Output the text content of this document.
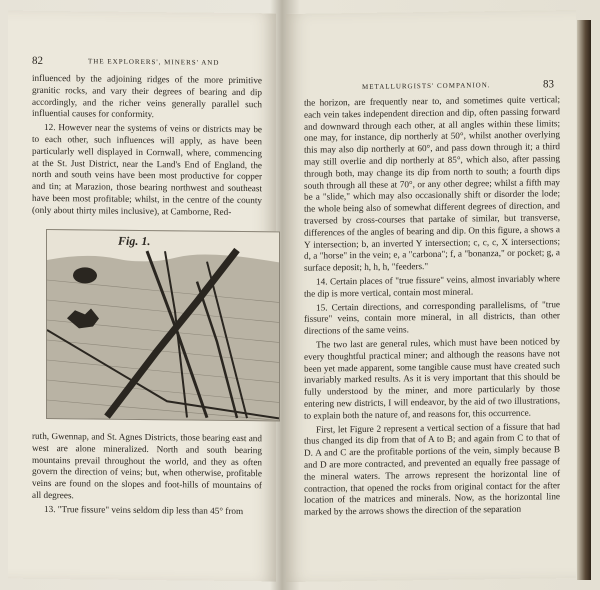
82	THE EXPLORERS', MINERS' AND

influenced by the adjoining ridges of the more primitive granitic rocks, and vary their degrees of bearing and dip accordingly, and the richer veins generally parallel such influential causes for conformity.

12. However near the systems of veins or districts may be to each other, such influences will apply, as have been particularly well displayed in Cornwall, where, commencing at the St. Just District, near the Land's End of England, the north and south veins have been most productive for copper and tin; at Marazion, those bearing northwest and southeast have been most profitable; whilst, in the centre of the county (only about thirty miles inclusive), at Camborne, Red-

Fig. 1.

ruth, Gwennap, and St. Agnes Districts, those bearing east and west are alone mineralized. North and south bearing mountains prevail throughout the world, and they as often govern the direction of veins; but, when otherwise, profitable veins are found on the slopes and foot-hills of mountains of all degrees.

13. "True fissure" veins seldom dip less than 45° from

METALLURGISTS' COMPANION.	83

the horizon, are frequently near to, and sometimes quite vertical; each vein takes independent direction and dip, often passing forward and downward through each other, at all angles within these limits; one may, for instance, dip northerly at 50°, whilst another overlying this may also dip northerly at 60°, and pass down through it; a third may still overlie and dip northerly at 85°, which also, after passing through both, may change its dip from north to south; a fourth dips south through all these at 70°, or any other degree; whilst a fifth may be a "slide," which may also occasionally shift or disorder the lode; the whole being also of somewhat different degrees of direction, and traversed by cross-courses that partake of similar, but transverse, differences of the angles of bearing and dip. On this figure, a shows a Y intersection; b, an inverted Y intersection; c, c, c, X intersections; d, a "horse" in the vein; e, a "carbona"; f, a "bonanza," or pocket; g, a surface deposit; h, h, h, "feeders."

14. Certain places of "true fissure" veins, almost invariably where the dip is more vertical, contain most mineral.

15. Certain directions, and corresponding parallelisms, of "true fissure" veins, contain more mineral, in all districts, than other directions of the same veins.

The two last are general rules, which must have been noticed by every thoughtful practical miner; and although the reasons have not been yet made apparent, some tangible cause must have created such invariably marked results. As it is very important that this should be fully understood by the miner, and more particularly by those entering new districts, I will endeavor, by the aid of two illustrations, to explain both the nature of, and reasons for, this occurrence.

First, let Figure 2 represent a vertical section of a fissure that had thus changed its dip from that of A to B; and again from C to that of D. A and C are the profitable portions of the vein, simply because B and D are more contracted, and prevented an equally free passage of the mineral waters. The arrows represent the horizontal line of contraction, that opened the rocks from original contact for the after location of the matrices and minerals. Now, as the horizontal line marked by the arrows shows the direction of the separation
